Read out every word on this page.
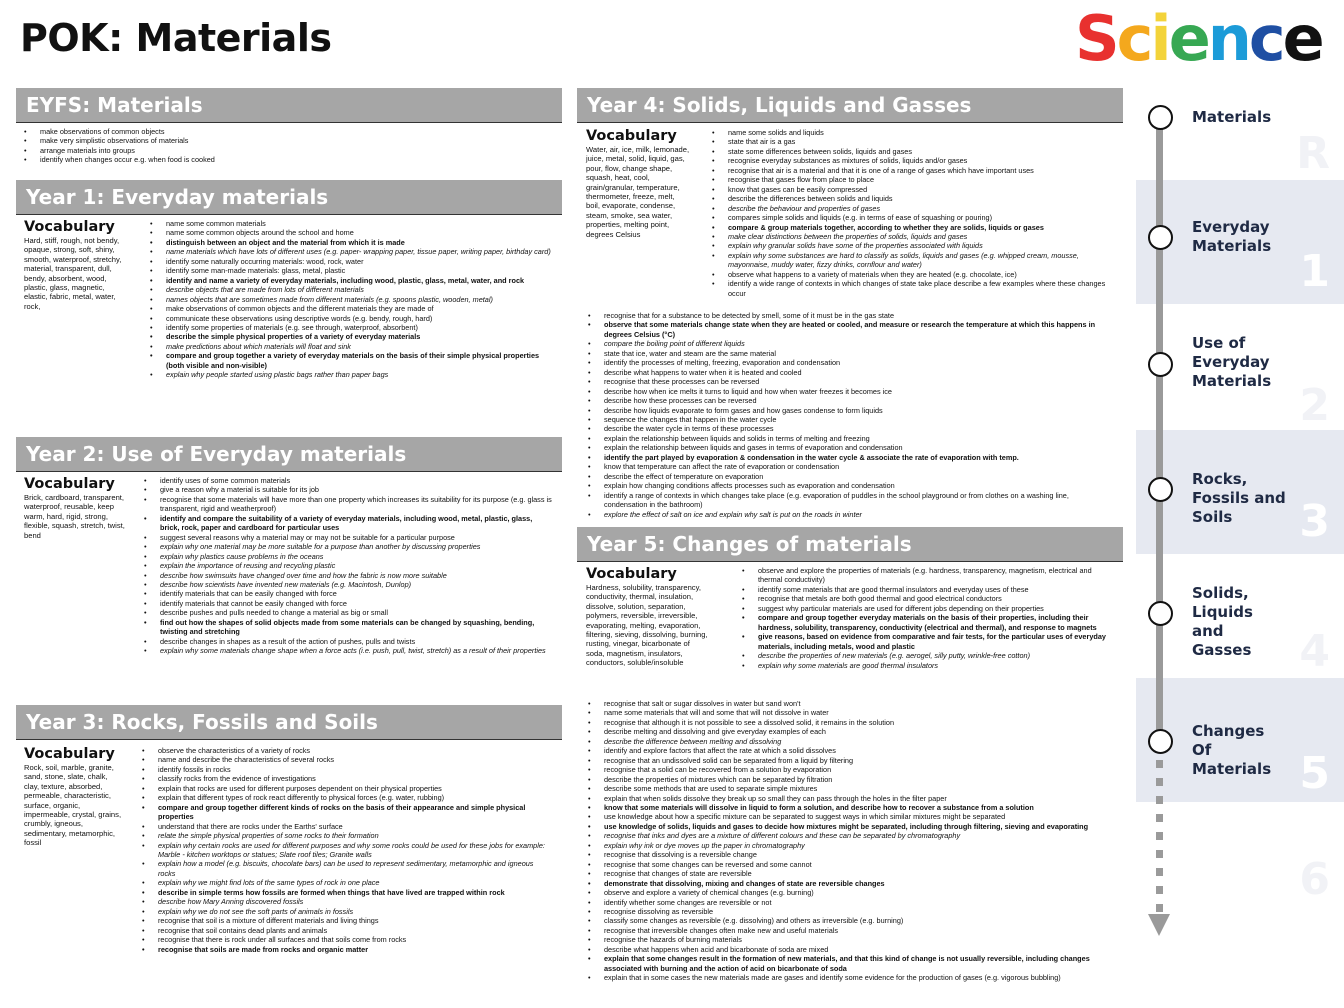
POK: Materials	Science
EYFS: Materials
• make observations of common objects
• make very simplistic observations of materials
• arrange materials into groups
• identify when changes occur e.g. when food is cooked
Year 1: Everyday materials
Vocabulary

Hard, stiff, rough, not bendy, opaque, strong, soft, shiny, smooth, waterproof, stretchy, material, transparent, dull, bendy, absorbent, wood, plastic, glass, magnetic, elastic, fabric, metal, water, rock,

• name some common materials
• name some common objects around the school and home
• distinguish between an object and the material from which it is made
• name materials which have lots of different uses (e.g. paper- wrapping paper, tissue paper, writing paper, birthday card)
• identify some naturally occurring materials: wood, rock, water
• identify some man-made materials: glass, metal, plastic
• identify and name a variety of everyday materials, including wood, plastic, glass, metal, water, and rock
• describe objects that are made from lots of different materials
• names objects that are sometimes made from different materials (e.g. spoons plastic, wooden, metal)
• make observations of common objects and the different materials they are made of
• communicate these observations using descriptive words (e.g. bendy, rough, hard)
• identify some properties of materials (e.g. see through, waterproof, absorbent)
• describe the simple physical properties of a variety of everyday materials
• make predictions about which materials will float and sink
• compare and group together a variety of everyday materials on the basis of their simple physical properties (both visible and non-visible)
• explain why people started using plastic bags rather than paper bags
Year 2: Use of Everyday materials
Vocabulary

Brick, cardboard, transparent, waterproof, reusable, keep warm, hard, rigid, strong, flexible, squash, stretch, twist, bend

• identify uses of some common materials
• give a reason why a material is suitable for its job
• recognise that some materials will have more than one property which increases its suitability for its purpose (e.g. glass is transparent, rigid and weatherproof)
• identify and compare the suitability of a variety of everyday materials, including wood, metal, plastic, glass, brick, rock, paper and cardboard for particular uses
• suggest several reasons why a material may or may not be suitable for a particular purpose
• explain why one material may be more suitable for a purpose than another by discussing properties
• explain why plastics cause problems in the oceans
• explain the importance of reusing and recycling plastic
• describe how swimsuits have changed over time and how the fabric is now more suitable
• describe how scientists have invented new materials (e.g. Macintosh, Dunlop)
• identify materials that can be easily changed with force
• identify materials that cannot be easily changed with force
• describe pushes and pulls needed to change a material as big or small
• find out how the shapes of solid objects made from some materials can be changed by squashing, bending, twisting and stretching
• describe changes in shapes as a result of the action of pushes, pulls and twists
• explain why some materials change shape when a force acts (i.e. push, pull, twist, stretch) as a result of their properties
Year 3: Rocks, Fossils and Soils
Vocabulary

Rock, soil, marble, granite, sand, stone, slate, chalk, clay, texture, absorbed, permeable, characteristic, surface, organic, impermeable, crystal, grains, crumbly, igneous, sedimentary, metamorphic, fossil

• observe the characteristics of a variety of rocks
• name and describe the characteristics of several rocks
• identify fossils in rocks
• classify rocks from the evidence of investigations
• explain that rocks are used for different purposes dependent on their physical properties
• explain that different types of rock react differently to physical forces (e.g. water, rubbing)
• compare and group together different kinds of rocks on the basis of their appearance and simple physical properties
• understand that there are rocks under the Earths' surface
• relate the simple physical properties of some rocks to their formation
• explain why certain rocks are used for different purposes and why some rocks could be used for these jobs for example: Marble - kitchen worktops or statues; Slate roof tiles; Granite walls
• explain how a model (e.g. biscuits, chocolate bars) can be used to represent sedimentary, metamorphic and igneous rocks
• explain why we might find lots of the same types of rock in one place
• describe in simple terms how fossils are formed when things that have lived are trapped within rock
• describe how Mary Anning discovered fossils
• explain why we do not see the soft parts of animals in fossils
• recognise that soil is a mixture of different materials and living things
• recognise that soil contains dead plants and animals
• recognise that there is rock under all surfaces and that soils come from rocks
• recognise that soils are made from rocks and organic matter
Year 4: Solids, Liquids and Gasses
Vocabulary

Water, air, ice, milk, lemonade, juice, metal, solid, liquid, gas, pour, flow, change shape, squash, heat, cool, grain/granular, temperature, thermometer, freeze, melt, boil, evaporate, condense, steam, smoke, sea water, properties, melting point, degrees Celsius

• name some solids and liquids
• state that air is a gas
• state some differences between solids, liquids and gases
• recognise everyday substances as mixtures of solids, liquids and/or gases
• recognise that air is a material and that it is one of a range of gases which have important uses
• recognise that gases flow from place to place
• know that gases can be easily compressed
• describe the differences between solids and liquids
• describe the behaviour and properties of gases
• compares simple solids and liquids (e.g. in terms of ease of squashing or pouring)
• compare & group materials together, according to whether they are solids, liquids or gases
• make clear distinctions between the properties of solids, liquids and gases
• explain why granular solids have some of the properties associated with liquids
• explain why some substances are hard to classify as solids, liquids and gases (e.g. whipped cream, mousse, mayonnaise, muddy water, fizzy drinks, cornflour and water)
• observe what happens to a variety of materials when they are heated (e.g. chocolate, ice)
• identify a wide range of contexts in which changes of state take place describe a few examples where these changes occur
• recognise that for a substance to be detected by smell, some of it must be in the gas state
• observe that some materials change state when they are heated or cooled, and measure or research the temperature at which this happens in degrees Celsius (°C)
• compare the boiling point of different liquids
• state that ice, water and steam are the same material
• identify the processes of melting, freezing, evaporation and condensation
• describe what happens to water when it is heated and cooled
• recognise that these processes can be reversed
• describe how when ice melts it turns to liquid and how when water freezes it becomes ice
• describe how these processes can be reversed
• describe how liquids evaporate to form gases and how gases condense to form liquids
• sequence the changes that happen in the water cycle
• describe the water cycle in terms of these processes
• explain the relationship between liquids and solids in terms of melting and freezing
• explain the relationship between liquids and gases in terms of evaporation and condensation
• identify the part played by evaporation & condensation in the water cycle & associate the rate of evaporation with temp.
• know that temperature can affect the rate of evaporation or condensation
• describe the effect of temperature on evaporation
• explain how changing conditions affects processes such as evaporation and condensation
• identify a range of contexts in which changes take place (e.g. evaporation of puddles in the school playground or from clothes on a washing line, condensation in the bathroom)
• explore the effect of salt on ice and explain why salt is put on the roads in winter
Year 5: Changes of materials
Vocabulary

Hardness, solubility, transparency, conductivity, thermal, insulation, dissolve, solution, separation, polymers, reversible, irreversible, evaporating, melting, evaporation, filtering, sieving, dissolving, burning, rusting, vinegar, bicarbonate of soda, magnetism, insulators, conductors, soluble/insoluble

• observe and explore the properties of materials (e.g. hardness, transparency, magnetism, electrical and thermal conductivity)
• identify some materials that are good thermal insulators and everyday uses of these
• recognise that metals are both good thermal and good electrical conductors
• suggest why particular materials are used for different jobs depending on their properties
• compare and group together everyday materials on the basis of their properties, including their hardness, solubility, transparency, conductivity (electrical and thermal), and response to magnets
• give reasons, based on evidence from comparative and fair tests, for the particular uses of everyday materials, including metals, wood and plastic
• describe the properties of new materials (e.g. aerogel, silly putty, wrinkle-free cotton)
• explain why some materials are good thermal insulators
• recognise that salt or sugar dissolves in water but sand won't
• name some materials that will and some that will not dissolve in water
• recognise that although it is not possible to see a dissolved solid, it remains in the solution
• describe melting and dissolving and give everyday examples of each
• describe the difference between melting and dissolving
• identify and explore factors that affect the rate at which a solid dissolves
• recognise that an undissolved solid can be separated from a liquid by filtering
• recognise that a solid can be recovered from a solution by evaporation
• describe the properties of mixtures which can be separated by filtration
• describe some methods that are used to separate simple mixtures
• explain that when solids dissolve they break up so small they can pass through the holes in the filter paper
• know that some materials will dissolve in liquid to form a solution, and describe how to recover a substance from a solution
• use knowledge about how a specific mixture can be separated to suggest ways in which similar mixtures might be separated
• use knowledge of solids, liquids and gases to decide how mixtures might be separated, including through filtering, sieving and evaporating
• recognise that inks and dyes are a mixture of different colours and these can be separated by chromatography
• explain why ink or dye moves up the paper in chromatography
• recognise that dissolving is a reversible change
• recognise that some changes can be reversed and some cannot
• recognise that changes of state are reversible
• demonstrate that dissolving, mixing and changes of state are reversible changes
• observe and explore a variety of chemical changes (e.g. burning)
• identify whether some changes are reversible or not
• recognise dissolving as reversible
• classify some changes as reversible (e.g. dissolving) and others as irreversible (e.g. burning)
• recognise that irreversible changes often make new and useful materials
• recognise the hazards of burning materials
• describe what happens when acid and bicarbonate of soda are mixed
• explain that some changes result in the formation of new materials, and that this kind of change is not usually reversible, including changes associated with burning and the action of acid on bicarbonate of soda
• explain that in some cases the new materials made are gases and identify some evidence for the production of gases (e.g. vigorous bubbling)
R
1
2
3
4
5
6
Materials
Everyday Materials
Use of Everyday Materials
Rocks, Fossils and Soils
Solids, Liquids and Gasses
Changes Of Materials
